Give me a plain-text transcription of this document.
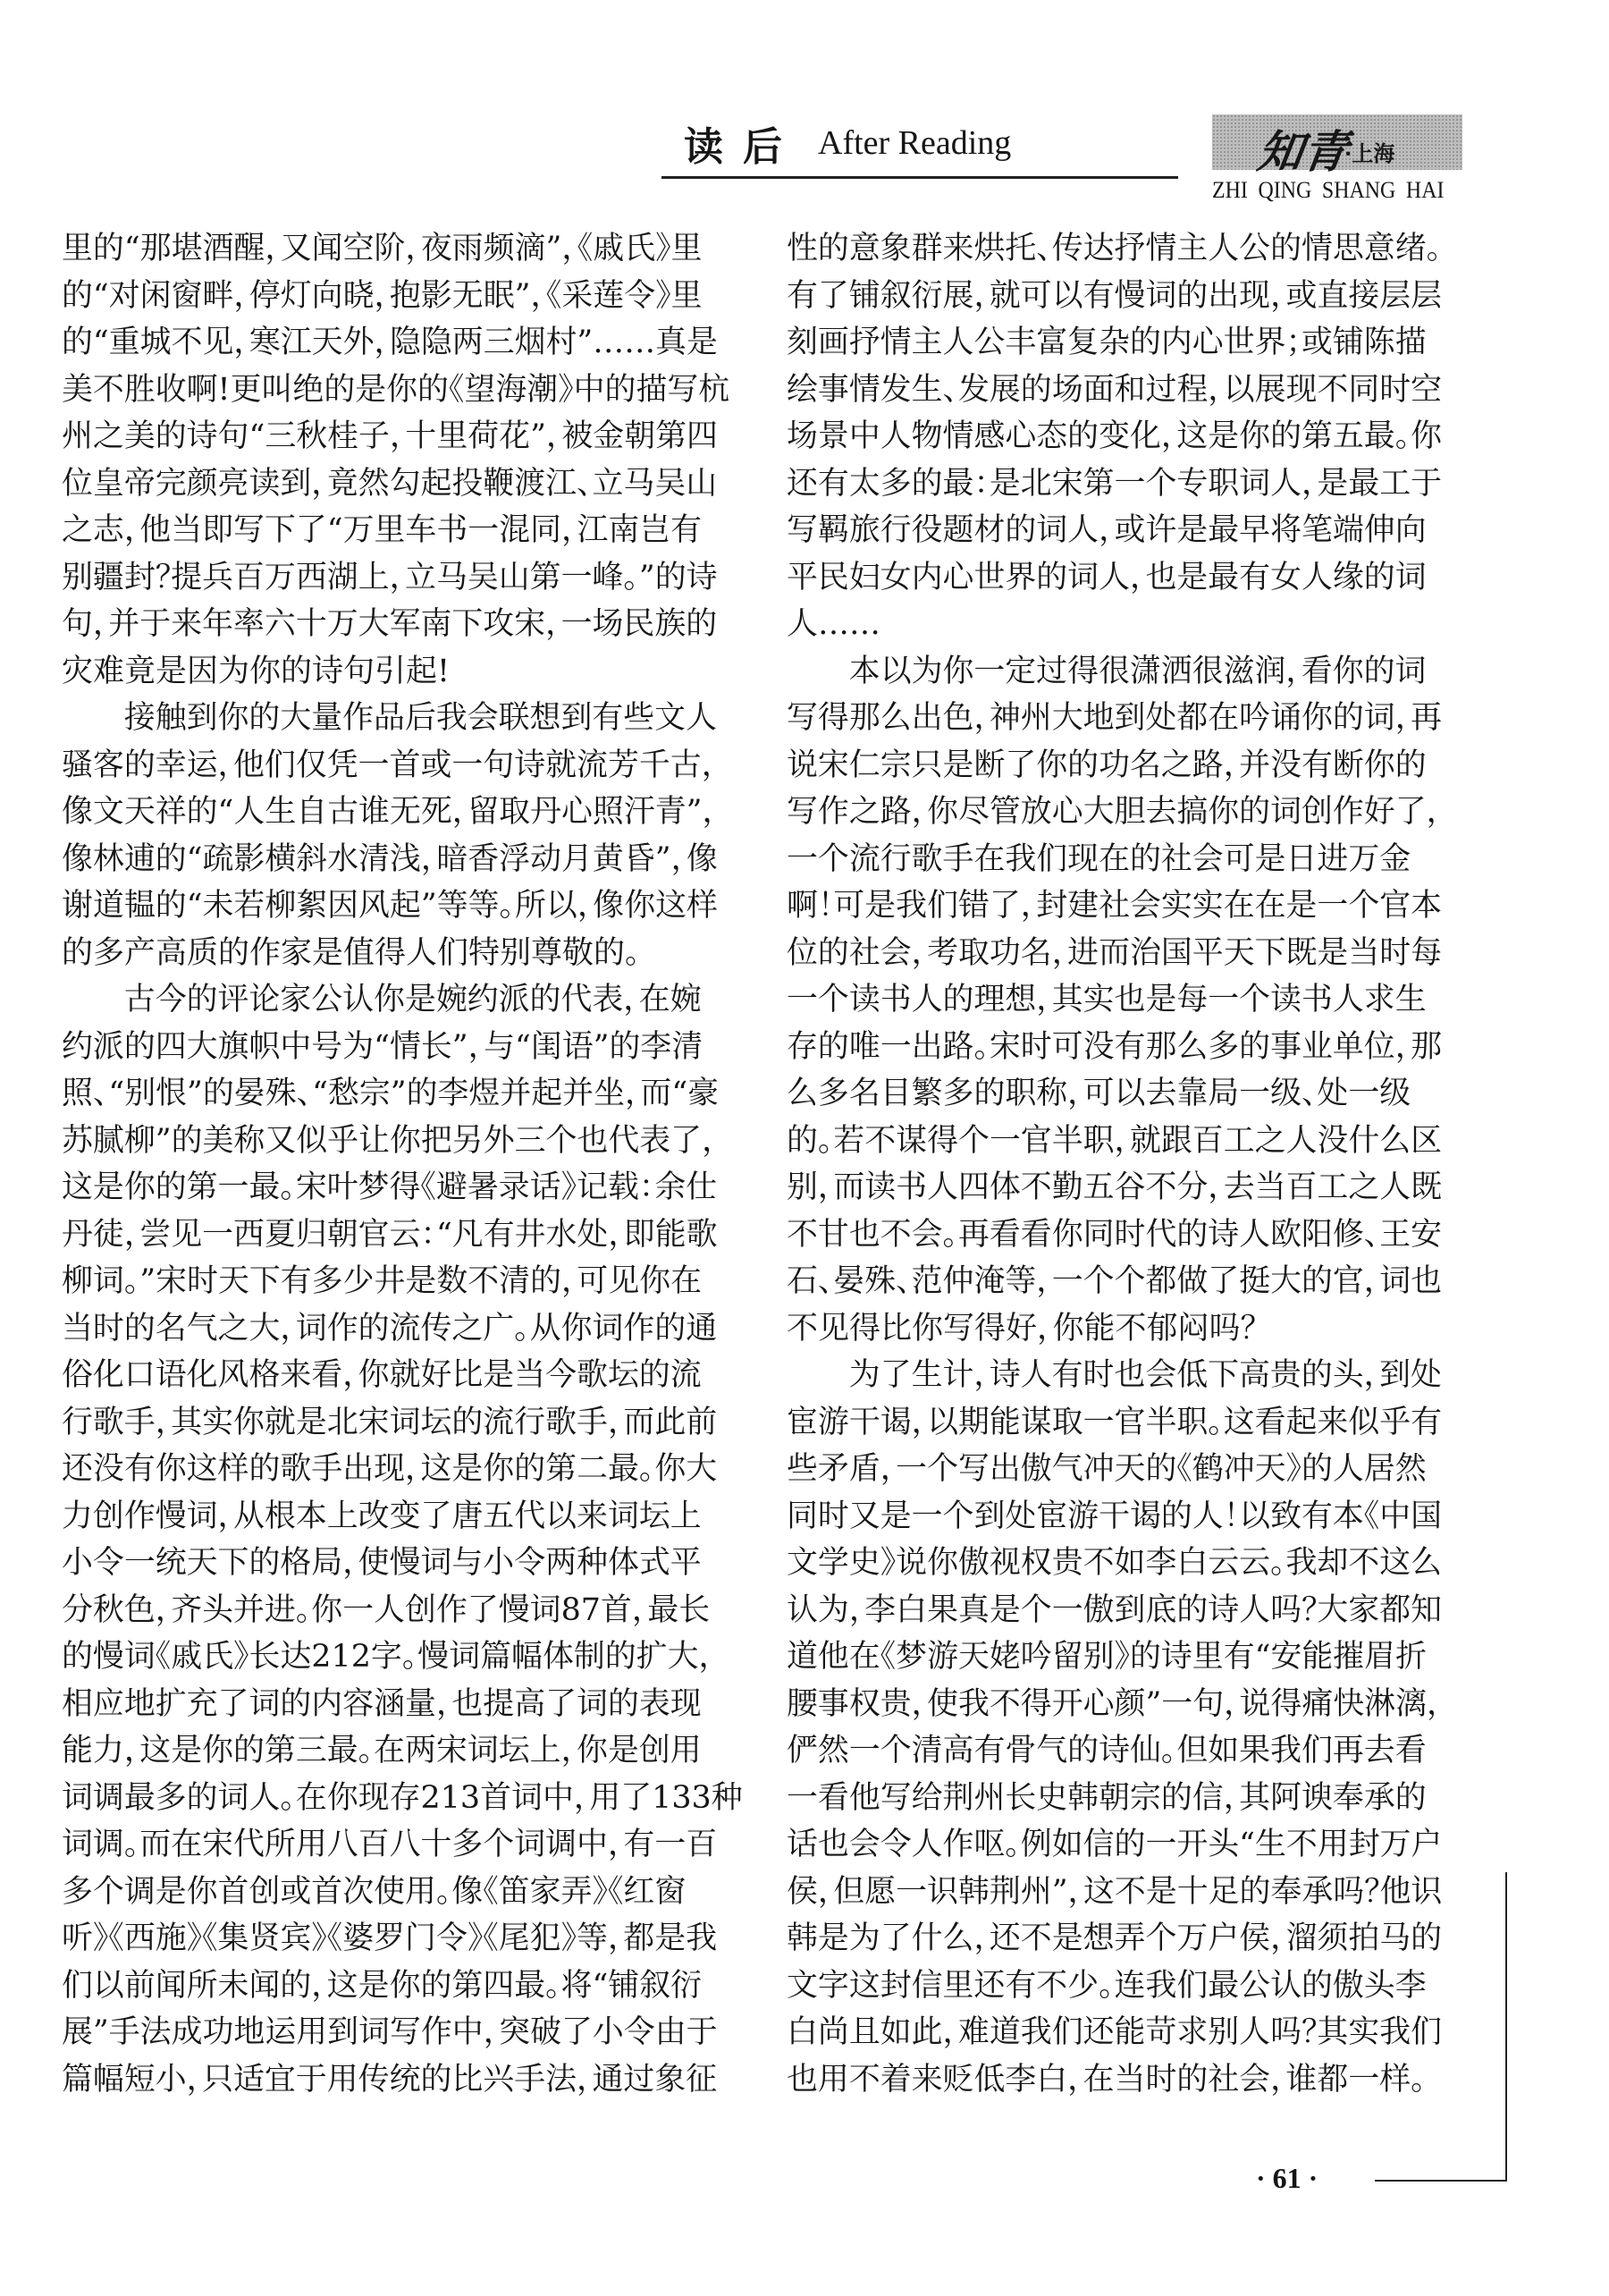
读后 After Reading	知青
·上海
ZHI QING SHANG HAI
里的“那堪酒醒，又闻空阶，夜雨频滴”，《戚氏》里
的“对闲窗畔，停灯向晓，抱影无眠”，《采莲令》里
的“重城不见，寒江天外，隐隐两三烟村”……真是
美不胜收啊!更叫绝的是你的《望海潮》中的描写杭
州之美的诗句“三秋桂子，十里荷花”，被金朝第四
位皇帝完颜亮读到，竟然勾起投鞭渡江、立马吴山
之志，他当即写下了“万里车书一混同，江南岂有
别疆封？提兵百万西湖上，立马吴山第一峰。”的诗
句，并于来年率六十万大军南下攻宋，一场民族的
灾难竟是因为你的诗句引起!
接触到你的大量作品后我会联想到有些文人
骚客的幸运，他们仅凭一首或一句诗就流芳千古，
像文天祥的“人生自古谁无死，留取丹心照汗青”，
像林逋的“疏影横斜水清浅，暗香浮动月黄昏”，像
谢道韫的“未若柳絮因风起”等等。所以，像你这样
的多产高质的作家是值得人们特别尊敬的。
古今的评论家公认你是婉约派的代表，在婉
约派的四大旗帜中号为“情长”，与“闺语”的李清
照、“别恨”的晏殊、“愁宗”的李煜并起并坐，而“豪
苏腻柳”的美称又似乎让你把另外三个也代表了，
这是你的第一最。宋叶梦得《避暑录话》记载：余仕
丹徒，尝见一西夏归朝官云：“凡有井水处，即能歌
柳词。”宋时天下有多少井是数不清的，可见你在
当时的名气之大，词作的流传之广。从你词作的通
俗化口语化风格来看，你就好比是当今歌坛的流
行歌手，其实你就是北宋词坛的流行歌手，而此前
还没有你这样的歌手出现，这是你的第二最。你大
力创作慢词，从根本上改变了唐五代以来词坛上
小令一统天下的格局，使慢词与小令两种体式平
分秋色，齐头并进。你一人创作了慢词87首，最长
的慢词《戚氏》长达212字。慢词篇幅体制的扩大，
相应地扩充了词的内容涵量，也提高了词的表现
能力，这是你的第三最。在两宋词坛上，你是创用
词调最多的词人。在你现存213首词中，用了133种
词调。而在宋代所用八百八十多个词调中，有一百
多个调是你首创或首次使用。像《笛家弄》《红窗
听》《西施》《集贤宾》《婆罗门令》《尾犯》等，都是我
们以前闻所未闻的，这是你的第四最。将“铺叙衍
展”手法成功地运用到词写作中，突破了小令由于
篇幅短小，只适宜于用传统的比兴手法，通过象征
性的意象群来烘托、传达抒情主人公的情思意绪。
有了铺叙衍展，就可以有慢词的出现，或直接层层
刻画抒情主人公丰富复杂的内心世界；或铺陈描
绘事情发生、发展的场面和过程，以展现不同时空
场景中人物情感心态的变化，这是你的第五最。你
还有太多的最：是北宋第一个专职词人，是最工于
写羁旅行役题材的词人，或许是最早将笔端伸向
平民妇女内心世界的词人，也是最有女人缘的词
人……
本以为你一定过得很潇洒很滋润，看你的词
写得那么出色，神州大地到处都在吟诵你的词，再
说宋仁宗只是断了你的功名之路，并没有断你的
写作之路，你尽管放心大胆去搞你的词创作好了，
一个流行歌手在我们现在的社会可是日进万金
啊！可是我们错了，封建社会实实在在是一个官本
位的社会，考取功名，进而治国平天下既是当时每
一个读书人的理想，其实也是每一个读书人求生
存的唯一出路。宋时可没有那么多的事业单位，那
么多名目繁多的职称，可以去靠局一级、处一级
的。若不谋得个一官半职，就跟百工之人没什么区
别，而读书人四体不勤五谷不分，去当百工之人既
不甘也不会。再看看你同时代的诗人欧阳修、王安
石、晏殊、范仲淹等，一个个都做了挺大的官，词也
不见得比你写得好，你能不郁闷吗？
为了生计，诗人有时也会低下高贵的头，到处
宦游干谒，以期能谋取一官半职。这看起来似乎有
些矛盾，一个写出傲气冲天的《鹤冲天》的人居然
同时又是一个到处宦游干谒的人！以致有本《中国
文学史》说你傲视权贵不如李白云云。我却不这么
认为，李白果真是个一傲到底的诗人吗？大家都知
道他在《梦游天姥吟留别》的诗里有“安能摧眉折
腰事权贵，使我不得开心颜”一句，说得痛快淋漓，
俨然一个清高有骨气的诗仙。但如果我们再去看
一看他写给荆州长史韩朝宗的信，其阿谀奉承的
话也会令人作呕。例如信的一开头“生不用封万户
侯，但愿一识韩荆州”，这不是十足的奉承吗？他识
韩是为了什么，还不是想弄个万户侯，溜须拍马的
文字这封信里还有不少。连我们最公认的傲头李
白尚且如此，难道我们还能苛求别人吗？其实我们
也用不着来贬低李白，在当时的社会，谁都一样。
· 61 ·
